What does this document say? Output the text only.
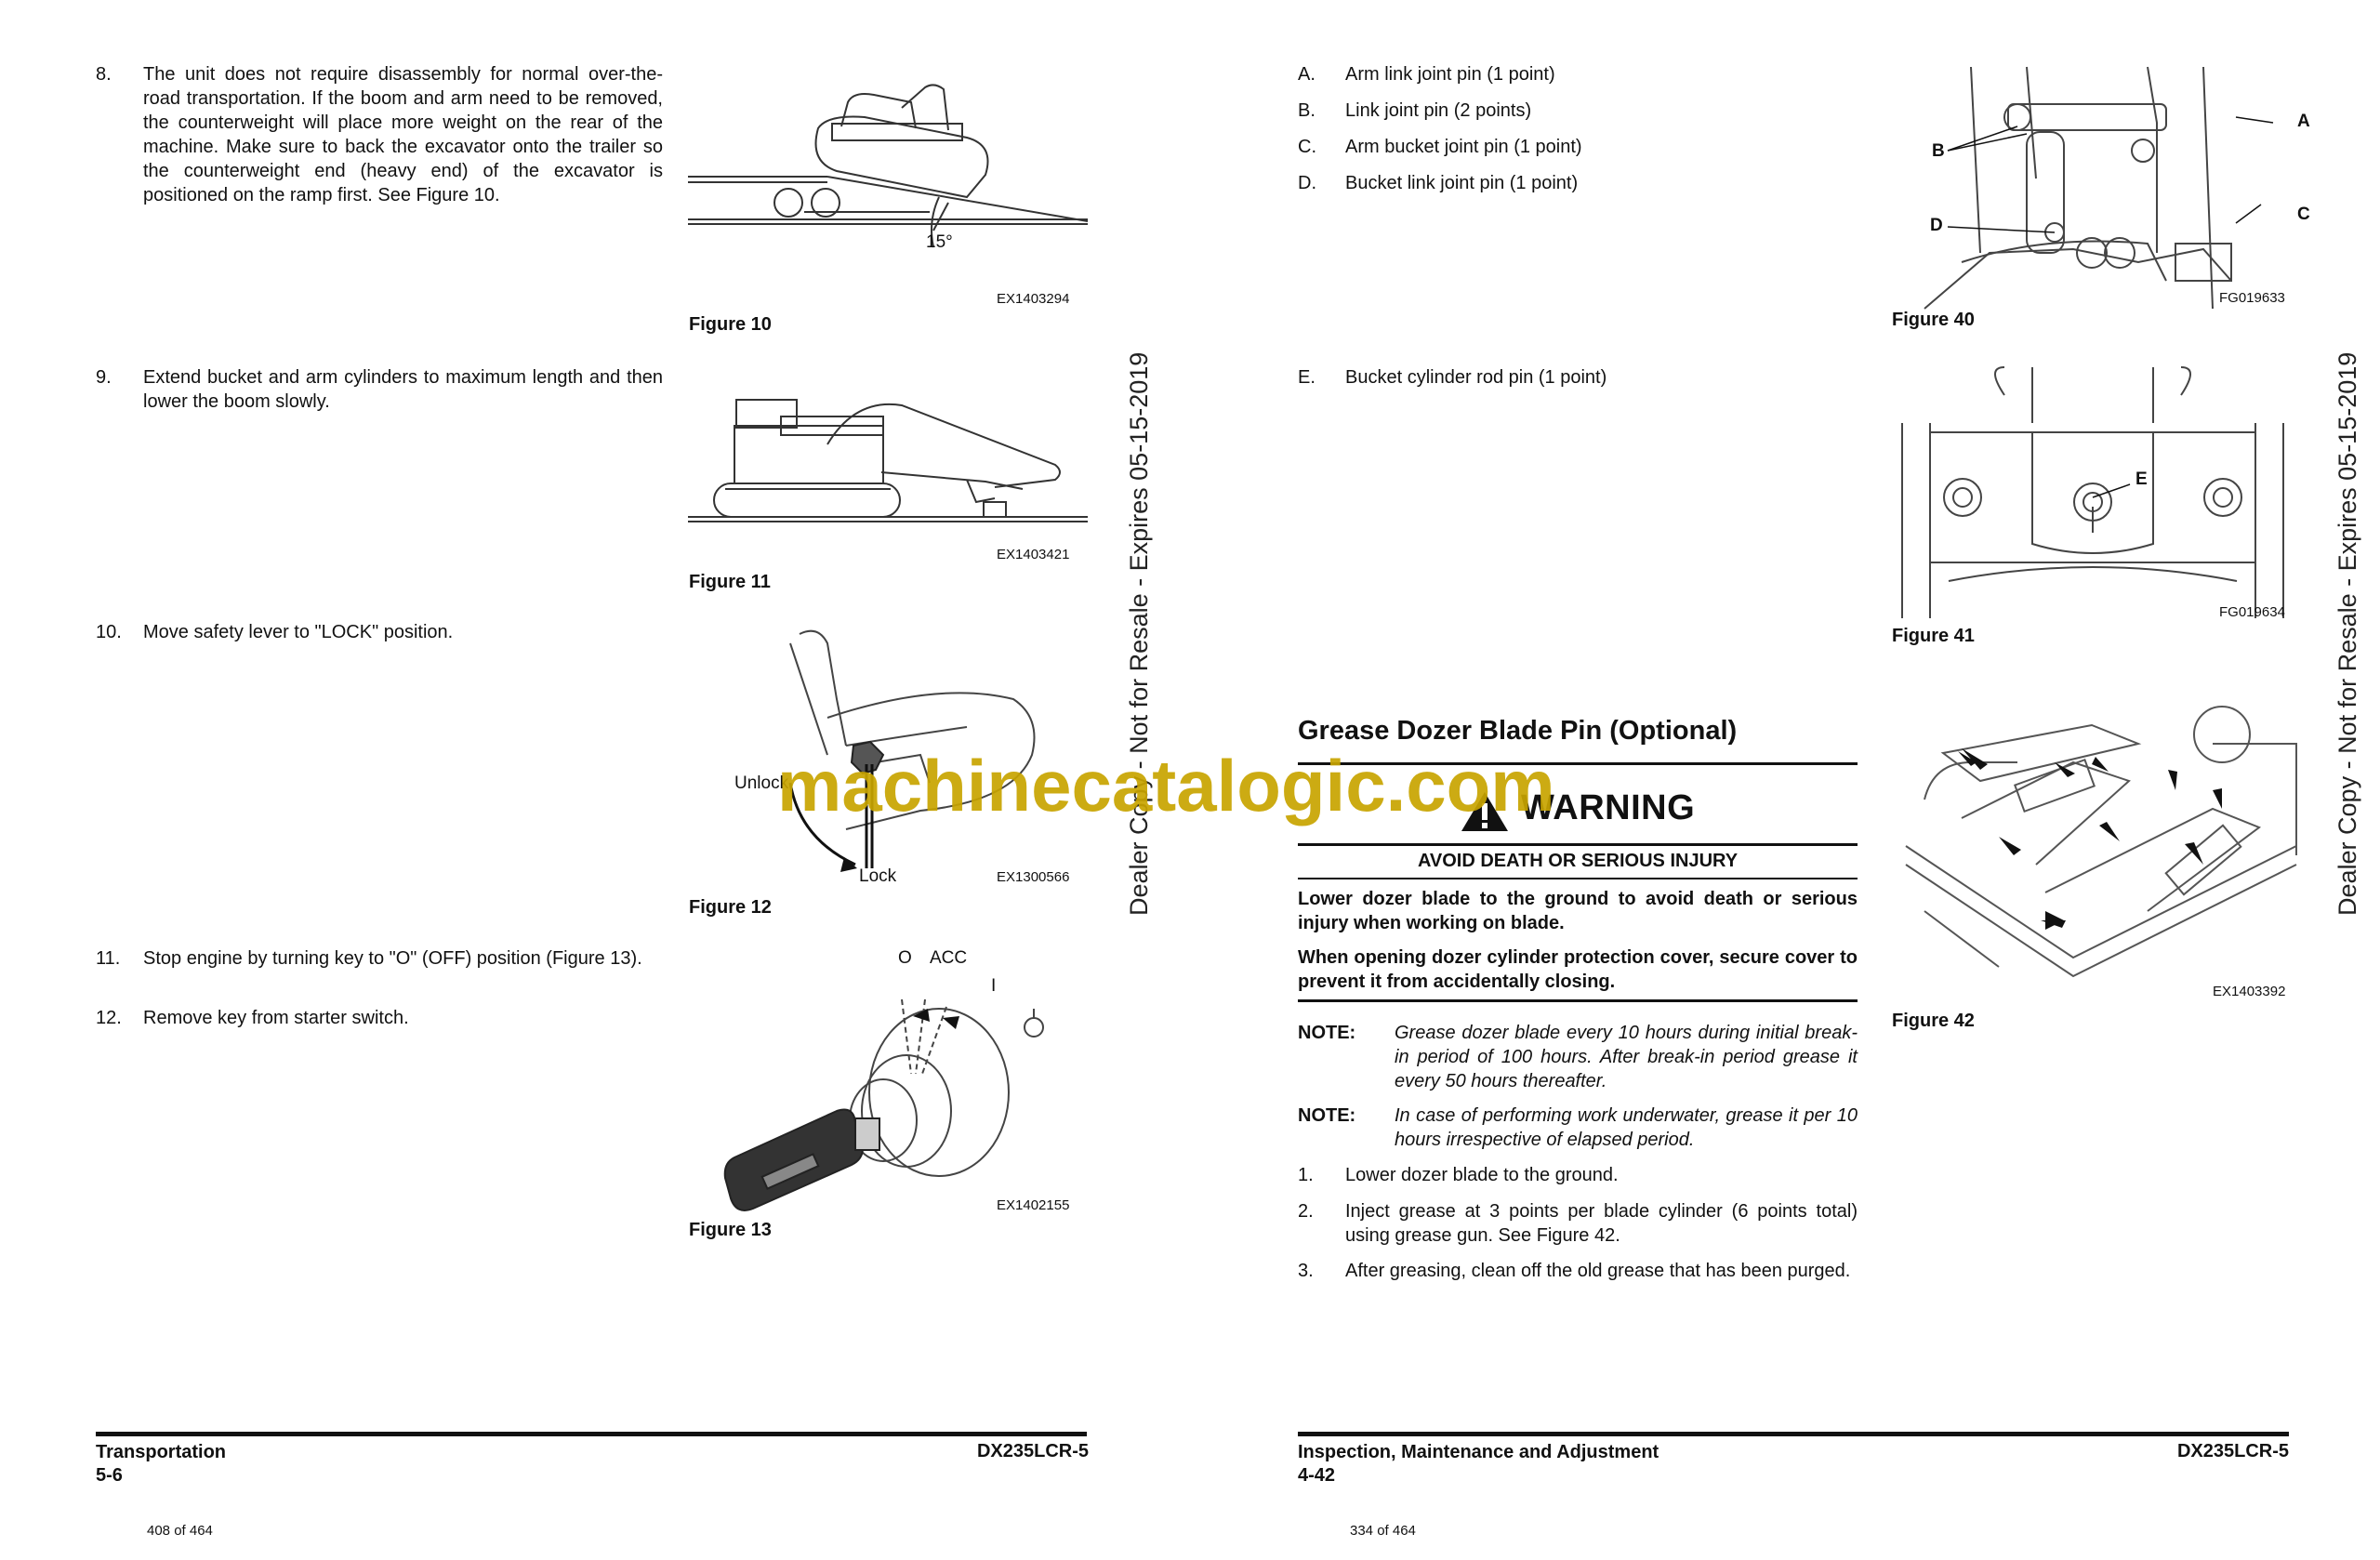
8. The unit does not require disassembly for normal over-the-road transportation. If the boom and arm need to be removed, the counterweight will place more weight on the rear of the machine. Make sure to back the excavator onto the trailer so the counterweight end (heavy end) of the excavator is positioned on the ramp first. See Figure 10.
9. Extend bucket and arm cylinders to maximum length and then lower the boom slowly.
10. Move safety lever to "LOCK" position.
11. Stop engine by turning key to "O" (OFF) position (Figure 13).
12. Remove key from starter switch.
15°
EX1403294
Figure 10
EX1403421
Figure 11
Unlock
Lock	EX1300566
Figure 12
O ACC
I
EX1402155
Figure 13
Dealer Copy - Not for Resale - Expires 05-15-2019
Transportation
5-6
DX235LCR-5
408 of 464
A. Arm link joint pin (1 point)
B. Link joint pin (2 points)
C. Arm bucket joint pin (1 point)
D. Bucket link joint pin (1 point)
E. Bucket cylinder rod pin (1 point)
A
B
C
D
FG019633
Figure 40
E
FG019634
Figure 41
EX1403392
Figure 42
Grease Dozer Blade Pin (Optional)
WARNING
AVOID DEATH OR SERIOUS INJURY
Lower dozer blade to the ground to avoid death or serious injury when working on blade.
When opening dozer cylinder protection cover, secure cover to prevent it from accidentally closing.
NOTE: Grease dozer blade every 10 hours during initial break-in period of 100 hours. After break-in period grease it every 50 hours thereafter.
NOTE: In case of performing work underwater, grease it per 10 hours irrespective of elapsed period.
1. Lower dozer blade to the ground.
2. Inject grease at 3 points per blade cylinder (6 points total) using grease gun. See Figure 42.
3. After greasing, clean off the old grease that has been purged.
Dealer Copy - Not for Resale - Expires 05-15-2019
Inspection, Maintenance and Adjustment
4-42
DX235LCR-5
334 of 464
machinecatalogic.com
